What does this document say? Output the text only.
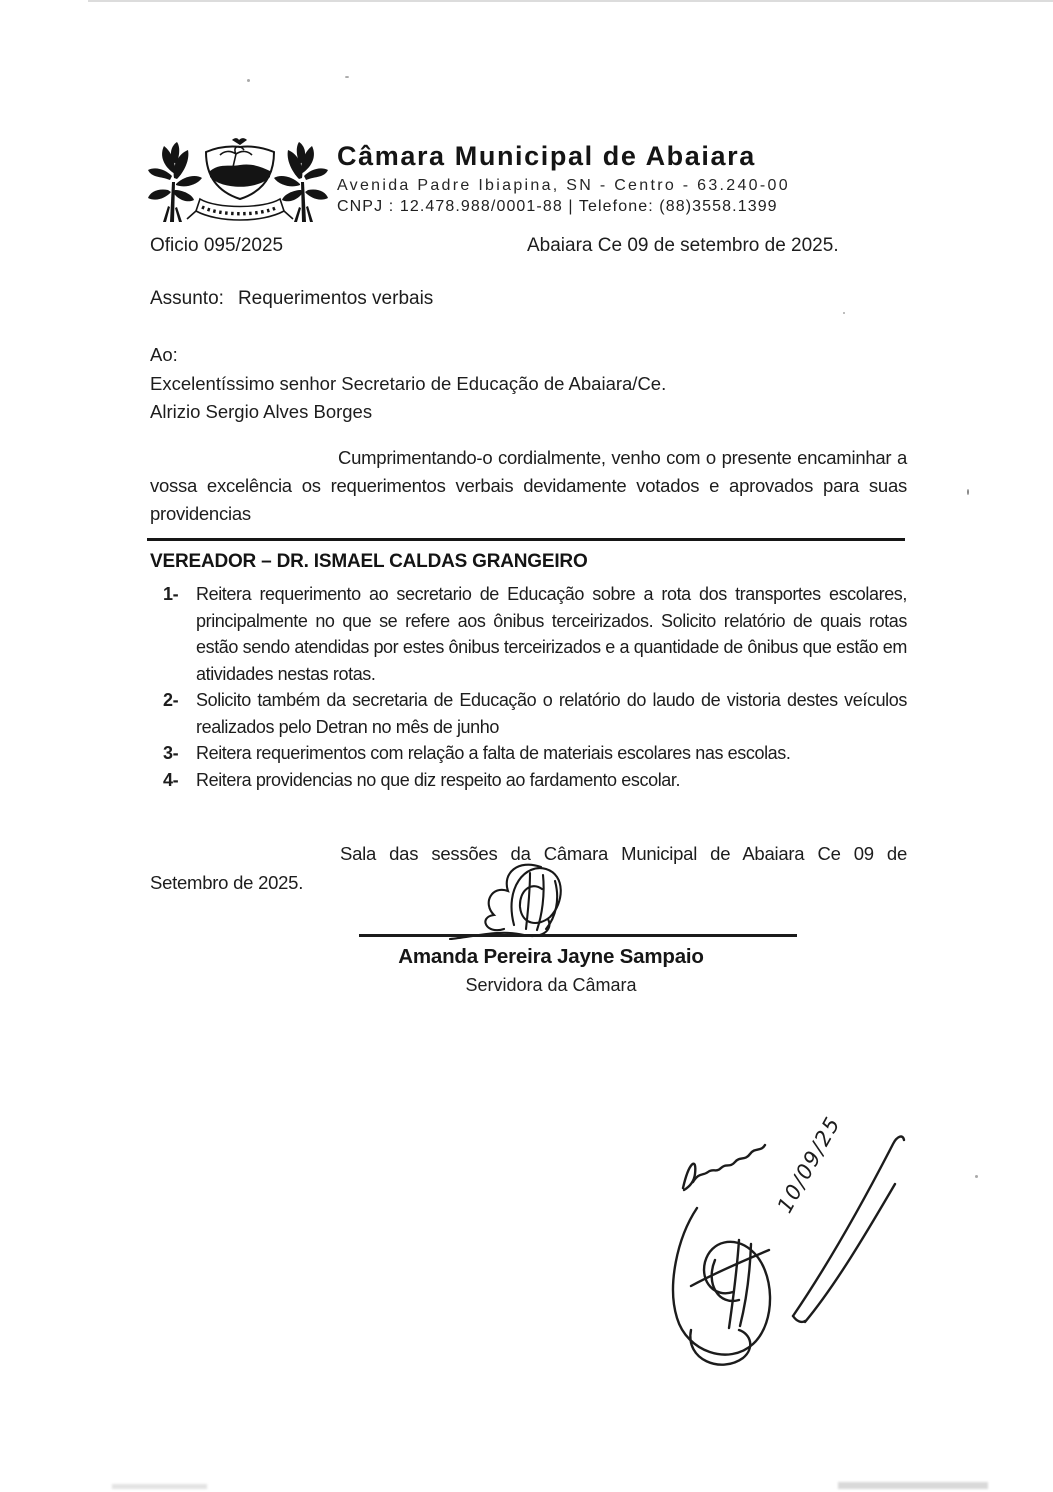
Câmara Municipal de Abaiara
Avenida Padre Ibiapina, SN - Centro - 63.240-00
CNPJ : 12.478.988/0001-88 | Telefone: (88)3558.1399
Oficio 095/2025	Abaiara Ce 09 de setembro de 2025.
Assunto: Requerimentos verbais
Ao:
Excelentíssimo senhor Secretario de Educação de Abaiara/Ce.
Alrizio Sergio Alves Borges
Cumprimentando-o cordialmente, venho com o presente encaminhar a vossa excelência os requerimentos verbais devidamente votados e aprovados para suas providencias
VEREADOR – DR. ISMAEL CALDAS GRANGEIRO
1- Reitera requerimento ao secretario de Educação sobre a rota dos transportes escolares, principalmente no que se refere aos ônibus terceirizados. Solicito relatório de quais rotas estão sendo atendidas por estes ônibus terceirizados e a quantidade de ônibus que estão em atividades nestas rotas.
2- Solicito também da secretaria de Educação o relatório do laudo de vistoria destes veículos realizados pelo Detran no mês de junho
3- Reitera requerimentos com relação a falta de materiais escolares nas escolas.
4- Reitera providencias no que diz respeito ao fardamento escolar.
Sala das sessões da Câmara Municipal de Abaiara Ce 09 de Setembro de 2025.
Amanda Pereira Jayne Sampaio
Servidora da Câmara
10/09/25
